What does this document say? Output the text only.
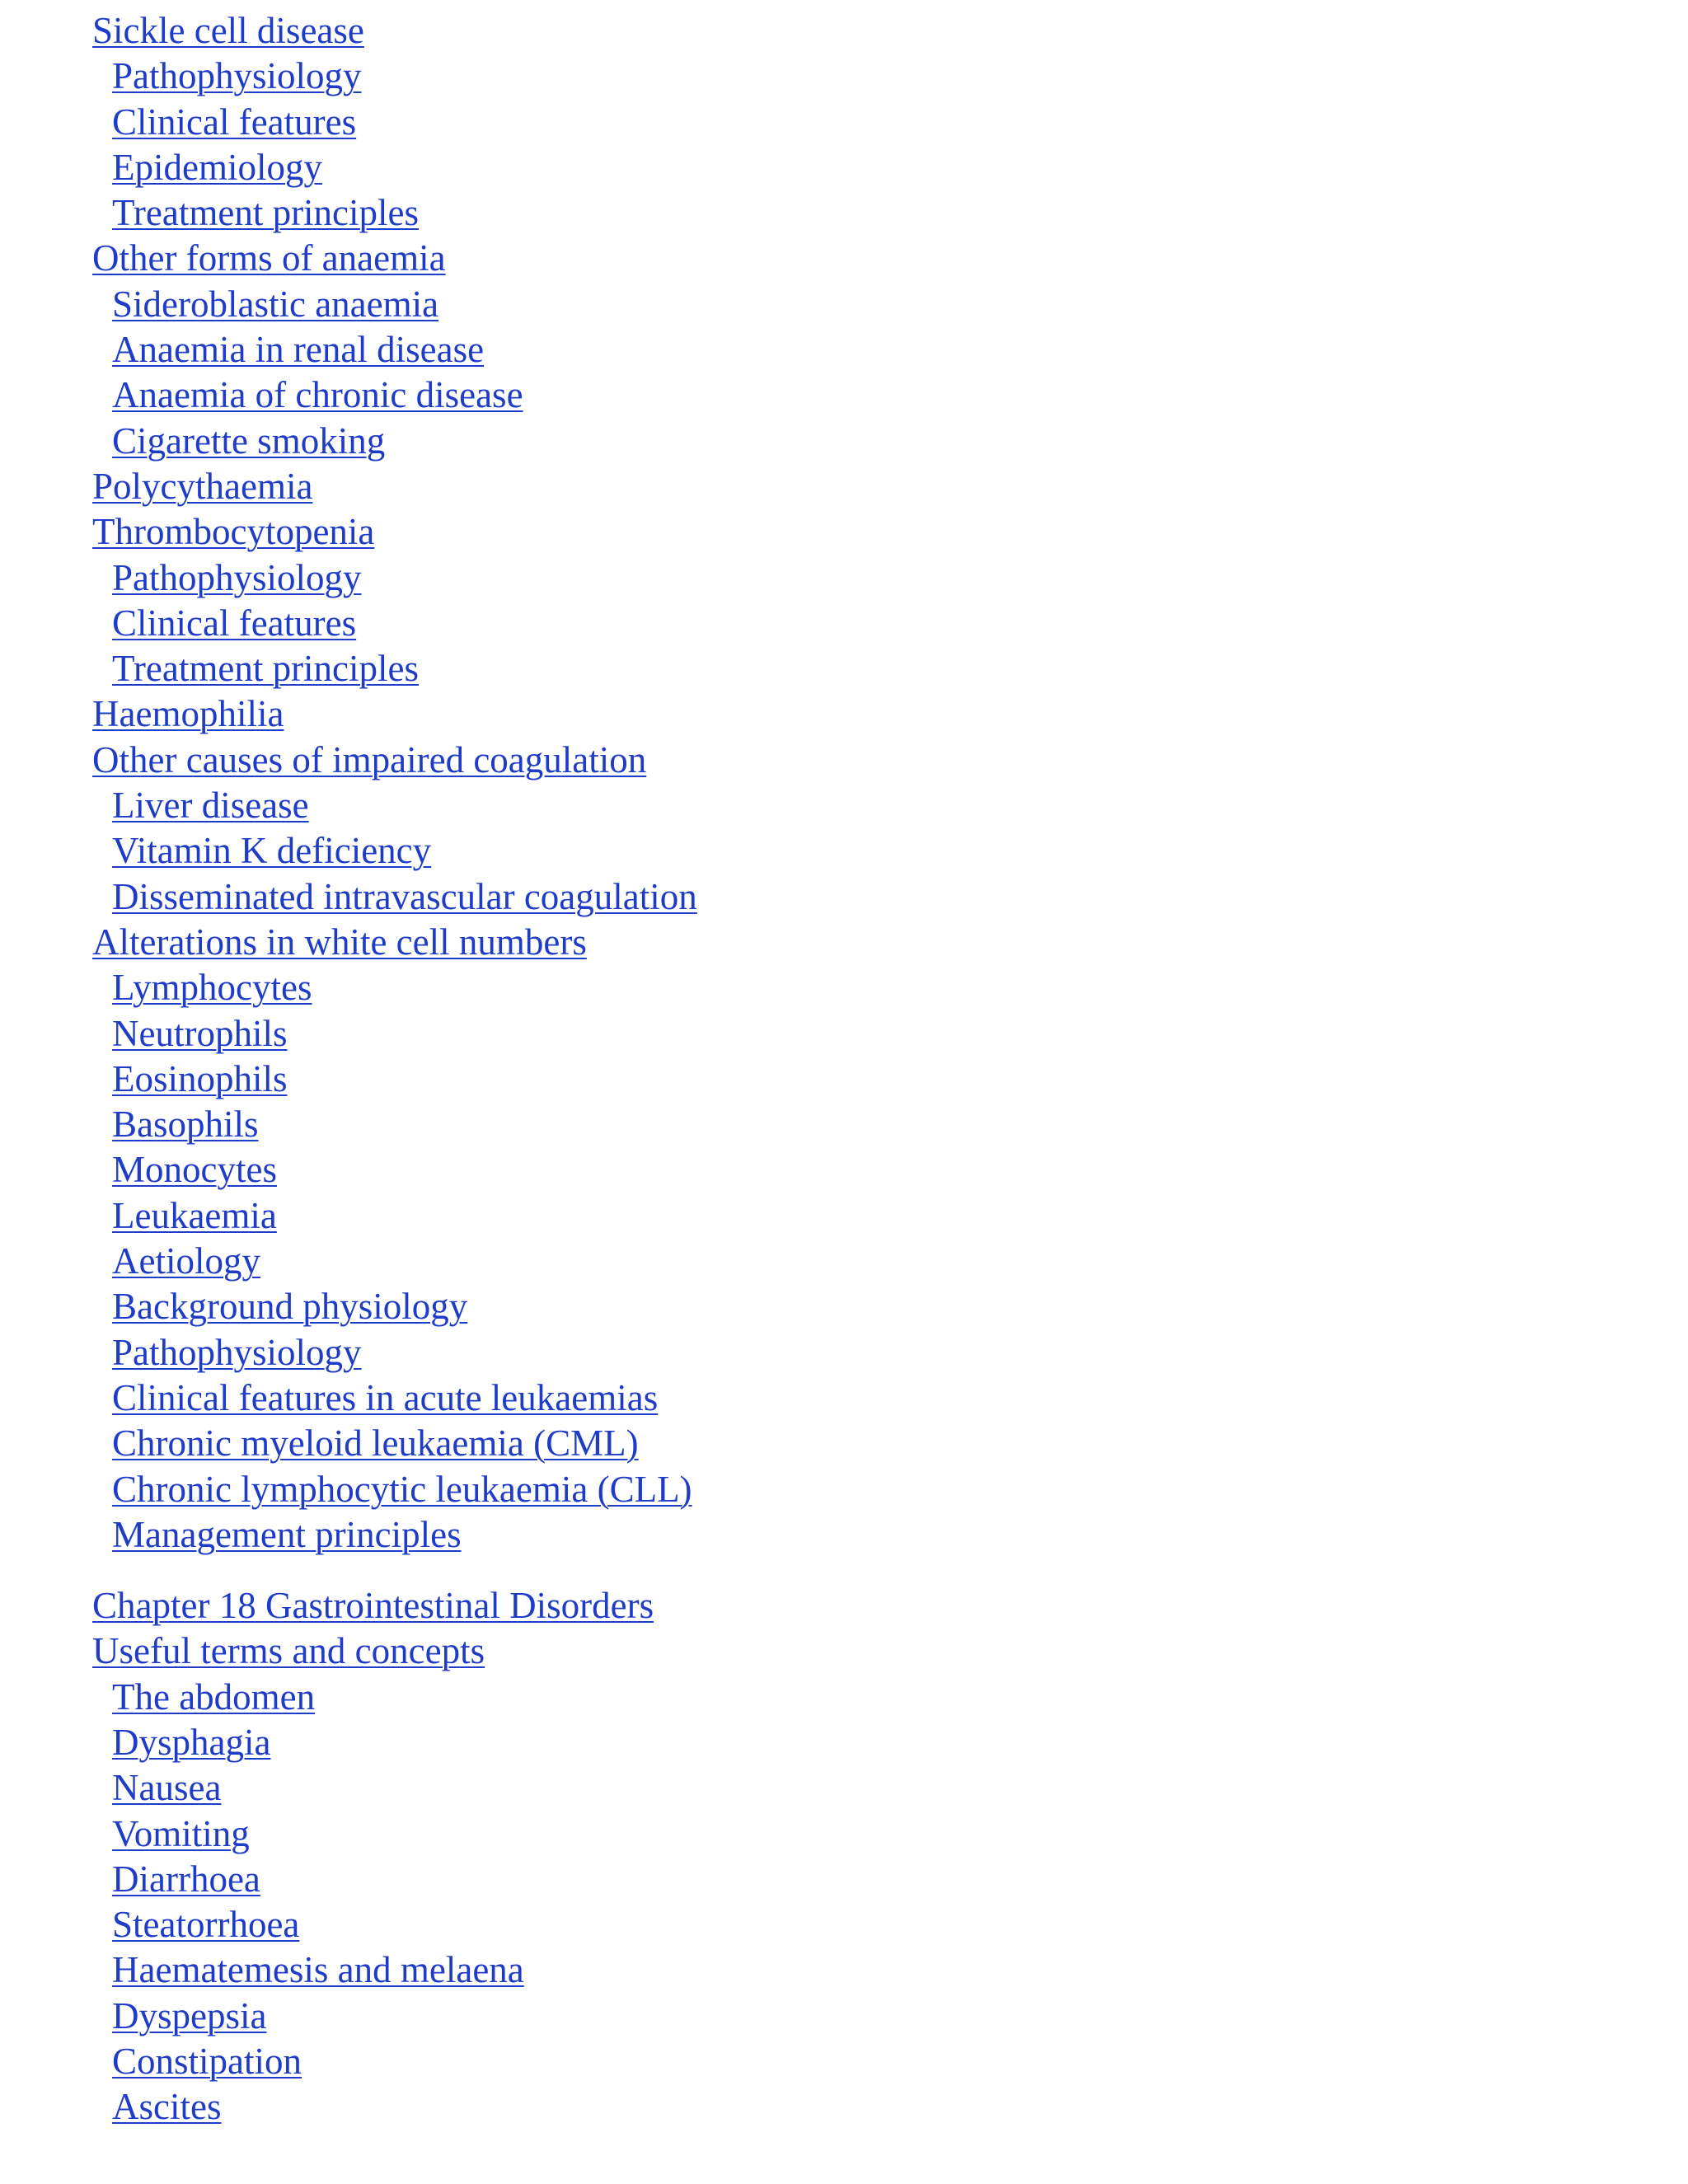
Sickle cell disease
Pathophysiology
Clinical features
Epidemiology
Treatment principles
Other forms of anaemia
Sideroblastic anaemia
Anaemia in renal disease
Anaemia of chronic disease
Cigarette smoking
Polycythaemia
Thrombocytopenia
Pathophysiology
Clinical features
Treatment principles
Haemophilia
Other causes of impaired coagulation
Liver disease
Vitamin K deficiency
Disseminated intravascular coagulation
Alterations in white cell numbers
Lymphocytes
Neutrophils
Eosinophils
Basophils
Monocytes
Leukaemia
Aetiology
Background physiology
Pathophysiology
Clinical features in acute leukaemias
Chronic myeloid leukaemia (CML)
Chronic lymphocytic leukaemia (CLL)
Management principles
Chapter 18 Gastrointestinal Disorders
Useful terms and concepts
The abdomen
Dysphagia
Nausea
Vomiting
Diarrhoea
Steatorrhoea
Haematemesis and melaena
Dyspepsia
Constipation
Ascites
